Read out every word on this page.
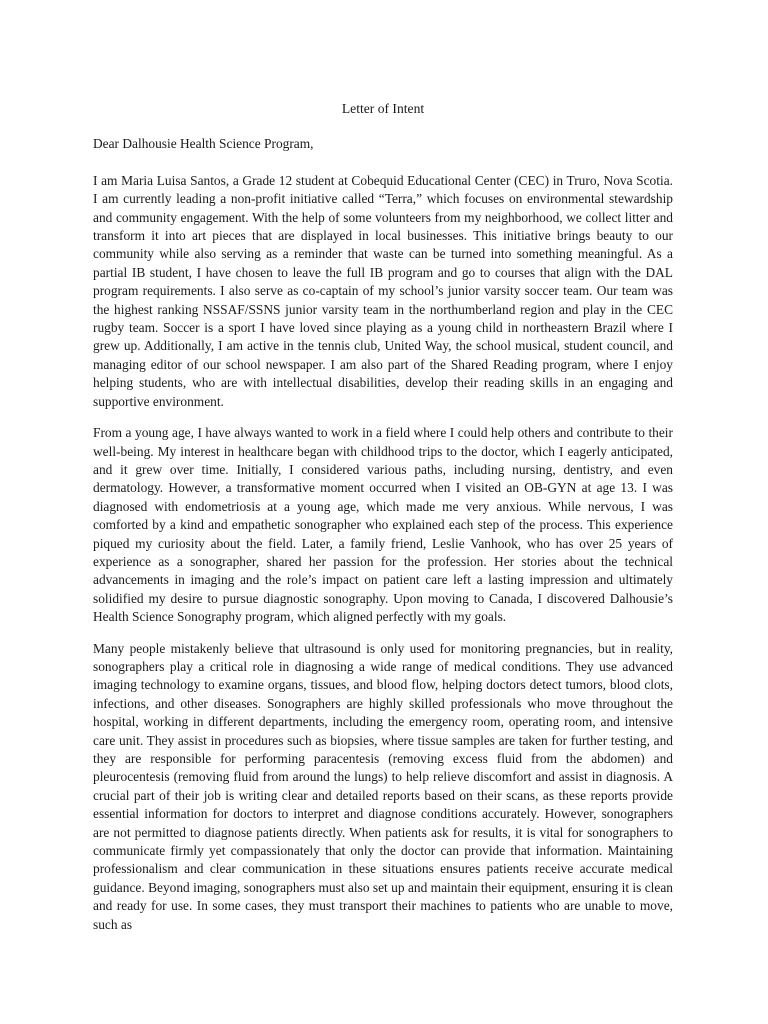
Letter of Intent
Dear Dalhousie Health Science Program,

I am Maria Luisa Santos, a Grade 12 student at Cobequid Educational Center (CEC) in Truro, Nova Scotia. I am currently leading a non-profit initiative called “Terra,” which focuses on environmental stewardship and community engagement. With the help of some volunteers from my neighborhood, we collect litter and transform it into art pieces that are displayed in local businesses. This initiative brings beauty to our community while also serving as a reminder that waste can be turned into something meaningful. As a partial IB student, I have chosen to leave the full IB program and go to courses that align with the DAL program requirements. I also serve as co-captain of my school’s junior varsity soccer team. Our team was the highest ranking NSSAF/SSNS junior varsity team in the northumberland region and play in the CEC rugby team. Soccer is a sport I have loved since playing as a young child in northeastern Brazil where I grew up. Additionally, I am active in the tennis club, United Way, the school musical, student council, and managing editor of our school newspaper. I am also part of the Shared Reading program, where I enjoy helping students, who are with intellectual disabilities, develop their reading skills in an engaging and supportive environment.

From a young age, I have always wanted to work in a field where I could help others and contribute to their well-being. My interest in healthcare began with childhood trips to the doctor, which I eagerly anticipated, and it grew over time. Initially, I considered various paths, including nursing, dentistry, and even dermatology. However, a transformative moment occurred when I visited an OB-GYN at age 13. I was diagnosed with endometriosis at a young age, which made me very anxious. While nervous, I was comforted by a kind and empathetic sonographer who explained each step of the process. This experience piqued my curiosity about the field. Later, a family friend, Leslie Vanhook, who has over 25 years of experience as a sonographer, shared her passion for the profession. Her stories about the technical advancements in imaging and the role’s impact on patient care left a lasting impression and ultimately solidified my desire to pursue diagnostic sonography. Upon moving to Canada, I discovered Dalhousie’s Health Science Sonography program, which aligned perfectly with my goals.

Many people mistakenly believe that ultrasound is only used for monitoring pregnancies, but in reality, sonographers play a critical role in diagnosing a wide range of medical conditions. They use advanced imaging technology to examine organs, tissues, and blood flow, helping doctors detect tumors, blood clots, infections, and other diseases. Sonographers are highly skilled professionals who move throughout the hospital, working in different departments, including the emergency room, operating room, and intensive care unit. They assist in procedures such as biopsies, where tissue samples are taken for further testing, and they are responsible for performing paracentesis (removing excess fluid from the abdomen) and pleurocentesis (removing fluid from around the lungs) to help relieve discomfort and assist in diagnosis. A crucial part of their job is writing clear and detailed reports based on their scans, as these reports provide essential information for doctors to interpret and diagnose conditions accurately. However, sonographers are not permitted to diagnose patients directly. When patients ask for results, it is vital for sonographers to communicate firmly yet compassionately that only the doctor can provide that information. Maintaining professionalism and clear communication in these situations ensures patients receive accurate medical guidance. Beyond imaging, sonographers must also set up and maintain their equipment, ensuring it is clean and ready for use. In some cases, they must transport their machines to patients who are unable to move, such as
